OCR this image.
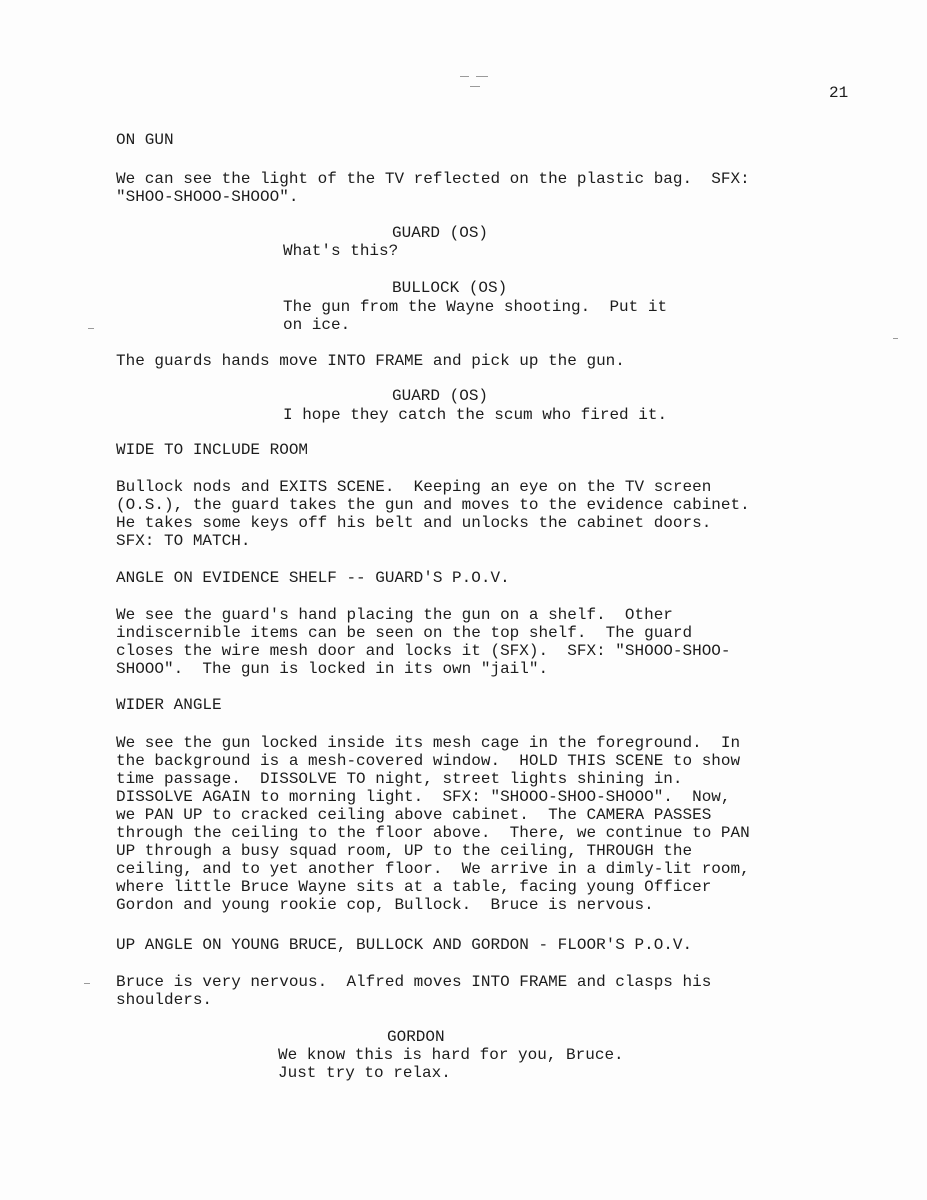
21
ON GUN
We can see the light of the TV reflected on the plastic bag.  SFX:
"SHOO-SHOOO-SHOOO".
GUARD (OS)
What's this?
BULLOCK (OS)
The gun from the Wayne shooting.  Put it
on ice.
The guards hands move INTO FRAME and pick up the gun.
GUARD (OS)
I hope they catch the scum who fired it.
WIDE TO INCLUDE ROOM
Bullock nods and EXITS SCENE.  Keeping an eye on the TV screen
(O.S.), the guard takes the gun and moves to the evidence cabinet.
He takes some keys off his belt and unlocks the cabinet doors.
SFX: TO MATCH.
ANGLE ON EVIDENCE SHELF -- GUARD'S P.O.V.
We see the guard's hand placing the gun on a shelf.  Other
indiscernible items can be seen on the top shelf.  The guard
closes the wire mesh door and locks it (SFX).  SFX: "SHOOO-SHOO-
SHOOO".  The gun is locked in its own "jail".
WIDER ANGLE
We see the gun locked inside its mesh cage in the foreground.  In
the background is a mesh-covered window.  HOLD THIS SCENE to show
time passage.  DISSOLVE TO night, street lights shining in.
DISSOLVE AGAIN to morning light.  SFX: "SHOOO-SHOO-SHOOO".  Now,
we PAN UP to cracked ceiling above cabinet.  The CAMERA PASSES
through the ceiling to the floor above.  There, we continue to PAN
UP through a busy squad room, UP to the ceiling, THROUGH the
ceiling, and to yet another floor.  We arrive in a dimly-lit room,
where little Bruce Wayne sits at a table, facing young Officer
Gordon and young rookie cop, Bullock.  Bruce is nervous.
UP ANGLE ON YOUNG BRUCE, BULLOCK AND GORDON - FLOOR'S P.O.V.
Bruce is very nervous.  Alfred moves INTO FRAME and clasps his
shoulders.
GORDON
We know this is hard for you, Bruce.
Just try to relax.
